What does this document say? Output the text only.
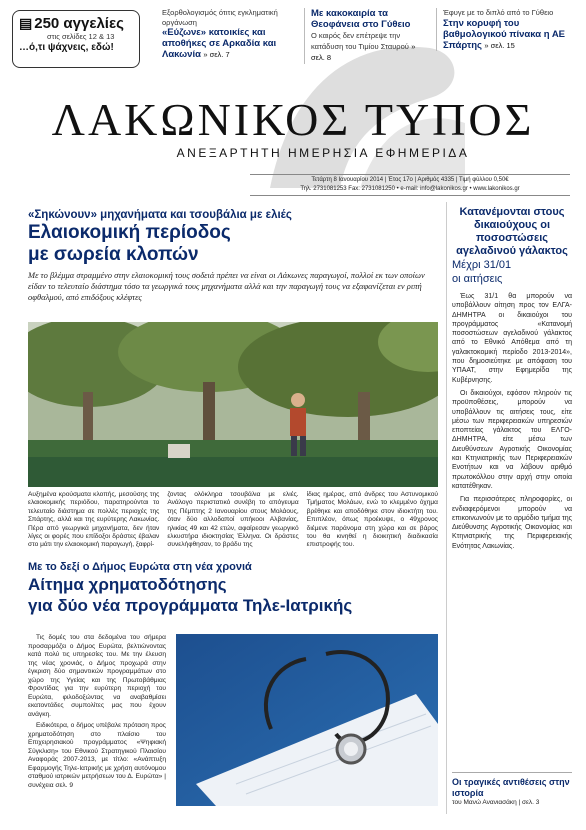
▤ 250 αγγελίες
στις σελίδες 12 & 13
…ό,τι ψάχνεις, εδώ!
Εξορθολογισμός ότιτις εγκληματική οργάνωση
«Εύζωνε» κατοικίες και αποθήκες σε Αρκαδία και Λακωνία » σελ. 7
Με κακοκαιρία τα Θεοφάνεια στο Γύθειο
Ο καιρός δεν επέτρεψε την κατάδυση του Τιμίου Σταυρού » σελ. 8
Έφυγε με το διπλό από το Γύθειο
Στην κορυφή του βαθμολογικού πίνακα η ΑΕ Σπάρτης » σελ. 15
ΛΑΚΩΝΙΚΟΣ ΤΥΠΟΣ
ΑΝΕΞΑΡΤΗΤΗ ΗΜΕΡΗΣΙΑ ΕΦΗΜΕΡΙΔΑ
Τετάρτη 8 Ιανουαρίου 2014 | Έτος 17ο | Αριθμός 4335 | Τιμή φύλλου 0,50€
Τηλ. 2731081253 Fax: 2731081250 • e-mail: info@lakonikos.gr • www.lakonikos.gr
«Σηκώνουν» μηχανήματα και τσουβάλια με ελιές
Ελαιοκομική περίοδος
με σωρεία κλοπών
Με το βλέμμα στραμμένο στην ελαιοκομική τους σοδειά πρέπει να είναι οι Λάκωνες παραγωγοί, πολλοί εκ των οποίων είδαν το τελευταίο διάστημα τόσο τα γεωργικά τους μηχανήματα αλλά και την παραγωγή τους να εξαφανίζεται εν ριπή οφθαλμού, από επιδόξους κλέφτες
Αυξημένα κρούσματα κλοπής, μεσούσης της ελαιοκομικής περιόδου, παρατηρούνται το τελευταίο διάστημα σε πολλές περιοχές της Σπάρτης, αλλά και της ευρύτερης Λακωνίας. Πέρα από γεωργικά μηχανήματα, δεν ήταν λίγες οι φορές που επίδοξοι δράστες έβαλαν στο μάτι την ελαιοκομική παραγωγή, ξαφρί-
ζοντας ολόκληρα τσουβάλια με ελιές. Ανάλογο περιστατικό συνέβη το απόγευμα της Πέμπτης 2 Ιανουαρίου στους Μολάους, όταν δύο αλλοδαποί υπήκοοι Αλβανίας, ηλικίας 49 και 42 ετών, αφαίρεσαν γεωργικό ελκυστήρα ιδιοκτησίας Έλληνα. Οι δράστες συνελήφθησαν, το βράδυ της
ίδιας ημέρας, από άνδρες του Αστυνομικού Τμήματος Μολάων, ενώ το κλεμμένο όχημα βρέθηκε και αποδόθηκε στον ιδιοκτήτη του. Επιπλέον, όπως προέκυψε, ο 49χρονος διέμενε παράνομα στη χώρα και σε βάρος του θα κινηθεί η διοικητική διαδικασία επιστροφής του.
Με το δεξί ο Δήμος Ευρώτα στη νέα χρονιά
Αίτημα χρηματοδότησης
για δύο νέα προγράμματα Τηλε-Ιατρικής

Τις δομές του στα δεδομένα του σήμερα προσαρμόζει ο Δήμος Ευρώτα, βελτιώνοντας κατά πολύ τις υπηρεσίες του. Με την έλευση της νέας χρονιάς, ο Δήμος προχωρά στην έγκριση δύο σημαντικών προγραμμάτων στο χώρο της Υγείας και της Πρωτοβάθμιας Φροντίδας για την ευρύτερη περιοχή του Ευρώτα, φιλοδοξώντας να αναβαθμίσει εκατοντάδες συμπολίτες μας που έχουν ανάγκη.

Ειδικότερα, ο δήμος υπέβαλε πρόταση προς χρηματοδότηση στο πλαίσιο του Επιχειρησιακού προγράμματος «Ψηφιακή Σύγκλιση» του Εθνικού Στρατηγικού Πλαισίου Αναφοράς 2007-2013, με τίτλο: «Ανάπτυξη Εφαρμογής Τηλε-Ιατρικής με χρήση αυτόνομου σταθμού ιατρικών μετρήσεων του Δ. Ευρώτα» | συνέχεια σελ. 9

Κατανέμονται στους δικαιούχους οι ποσοστώσεις αγελαδινού γάλακτος
Μέχρι 31/01
οι αιτήσεις

Έως 31/1 θα μπορούν να υποβάλλουν αίτηση προς τον ΕΛΓΑ-ΔΗΜΗΤΡΑ οι δικαιούχοι του προγράμματος «Κατανομή ποσοστώσεων αγελαδινού γάλακτος από το Εθνικό Απόθεμα από τη γαλακτοκομική περίοδο 2013-2014», που δημοσιεύτηκε με απόφαση του ΥΠΑΑΤ, στην Εφημερίδα της Κυβέρνησης.

Οι δικαιούχοι, εφόσον πληρούν τις προϋποθέσεις, μπορούν να υποβάλλουν τις αιτήσεις τους, είτε μέσω των περιφερειακών υπηρεσιών εποπτείας γάλακτος του ΕΛΓΟ-ΔΗΜΗΤΡΑ, είτε μέσω των Διευθύνσεων Αγροτικής Οικονομίας και Κτηνιατρικής των Περιφερειακών Ενοτήτων και να λάβουν αριθμό πρωτοκόλλου στην αρχή στην οποία κατατέθηκαν.

Για περισσότερες πληροφορίες, οι ενδιαφερόμενοι μπορούν να επικοινωνούν με το αρμόδιο τμήμα της Διεύθυνσης Αγροτικής Οικονομίας και Κτηνιατρικής της Περιφερειακής Ενότητας Λακωνίας.

Οι τραγικές αντιθέσεις στην ιστορία
του Μανώ Ανανιασάκη | σελ. 3
